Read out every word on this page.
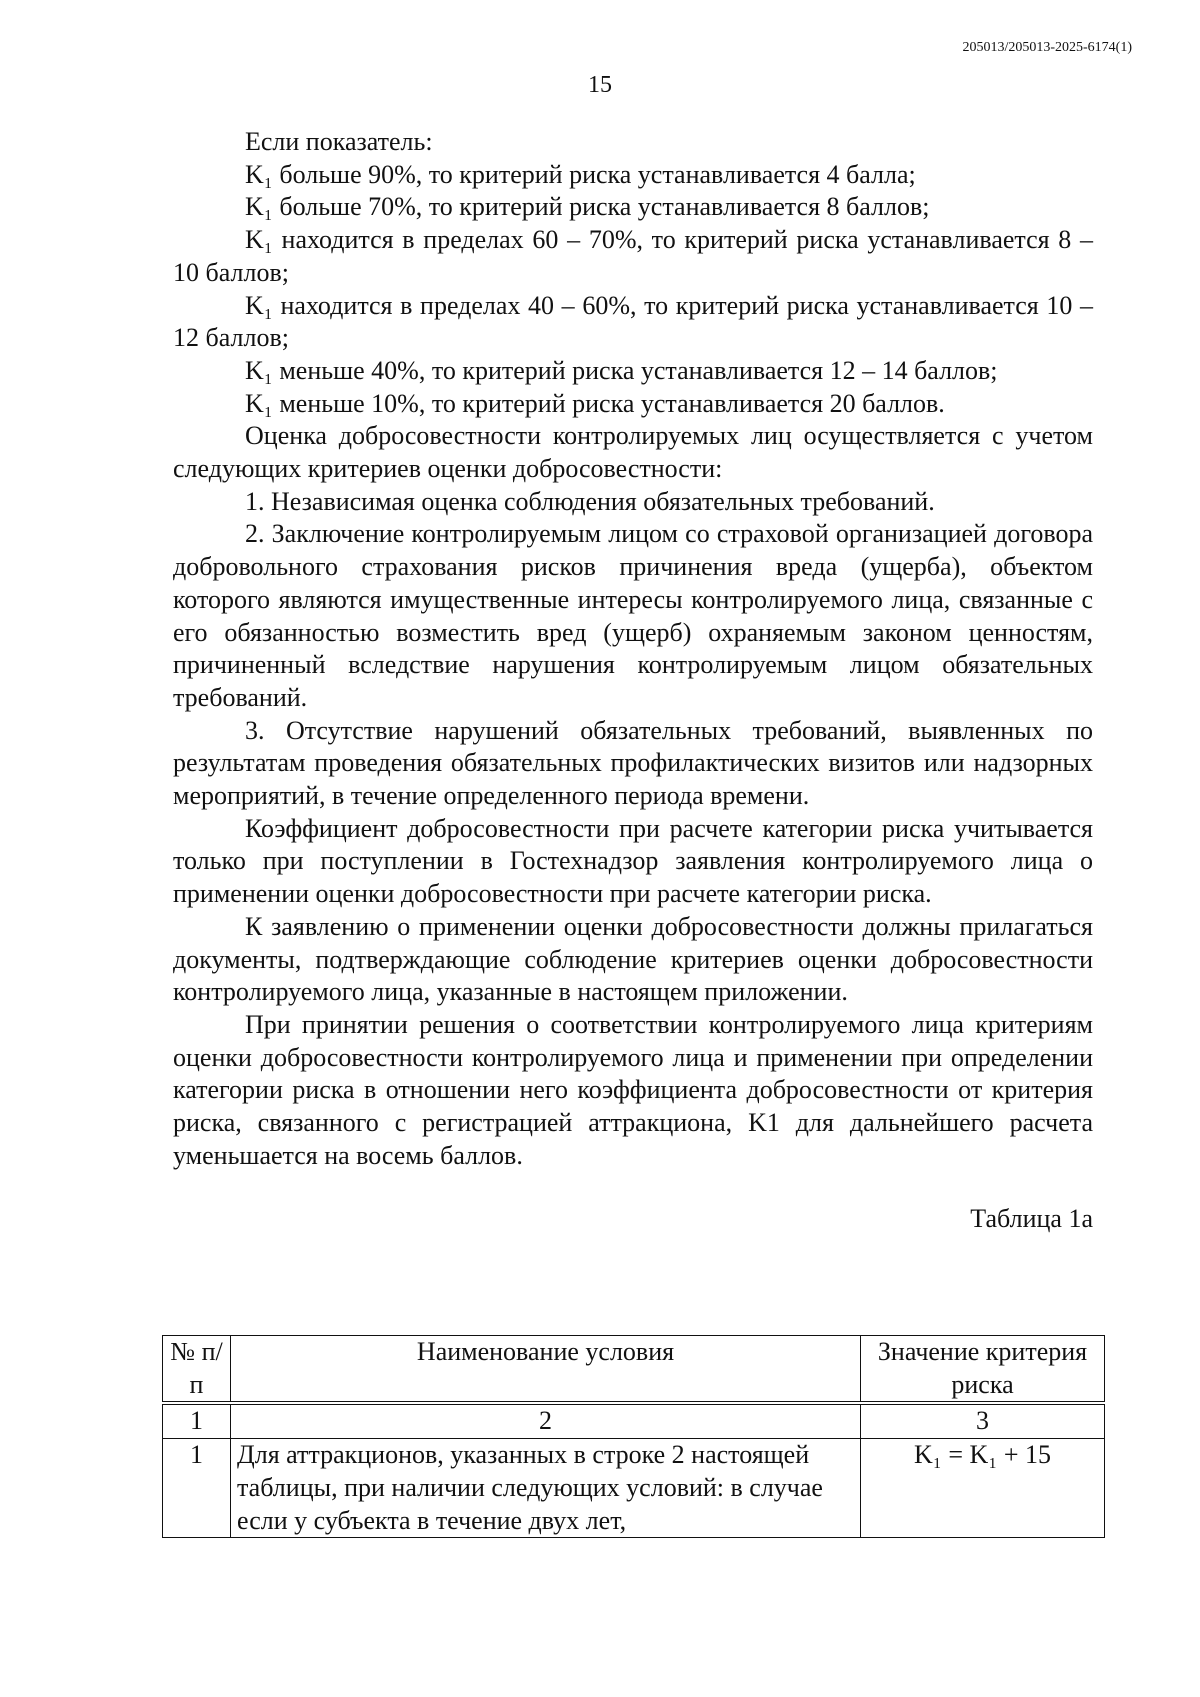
205013/205013-2025-6174(1)
15

Если показатель:

K₁ больше 90%, то критерий риска устанавливается 4 балла;

K₁ больше 70%, то критерий риска устанавливается 8 баллов;

K₁ находится в пределах 60 – 70%, то критерий риска устанавливается 8 – 10 баллов;

K₁ находится в пределах 40 – 60%, то критерий риска устанавливается 10 – 12 баллов;

K₁ меньше 40%, то критерий риска устанавливается 12 – 14 баллов;

K₁ меньше 10%, то критерий риска устанавливается 20 баллов.

Оценка добросовестности контролируемых лиц осуществляется с учетом следующих критериев оценки добросовестности:

1. Независимая оценка соблюдения обязательных требований.

2. Заключение контролируемым лицом со страховой организацией договора добровольного страхования рисков причинения вреда (ущерба), объектом которого являются имущественные интересы контролируемого лица, связанные с его обязанностью возместить вред (ущерб) охраняемым законом ценностям, причиненный вследствие нарушения контролируемым лицом обязательных требований.

3. Отсутствие нарушений обязательных требований, выявленных по результатам проведения обязательных профилактических визитов или надзорных мероприятий, в течение определенного периода времени.

Коэффициент добросовестности при расчете категории риска учитывается только при поступлении в Гостехнадзор заявления контролируемого лица о применении оценки добросовестности при расчете категории риска.

К заявлению о применении оценки добросовестности должны прилагаться документы, подтверждающие соблюдение критериев оценки добросовестности контролируемого лица, указанные в настоящем приложении.

При принятии решения о соответствии контролируемого лица критериям оценки добросовестности контролируемого лица и применении при определении категории риска в отношении него коэффициента добросовестности от критерия риска, связанного с регистрацией аттракциона, K1 для дальнейшего расчета уменьшается на восемь баллов.

Таблица 1а

№ п/п	Наименование условия	Значение критерия риска
1	2	3
1	Для аттракционов, указанных в строке 2 настоящей таблицы, при наличии следующих условий: в случае если у субъекта в течение двух лет,	K₁ = K₁ + 15
